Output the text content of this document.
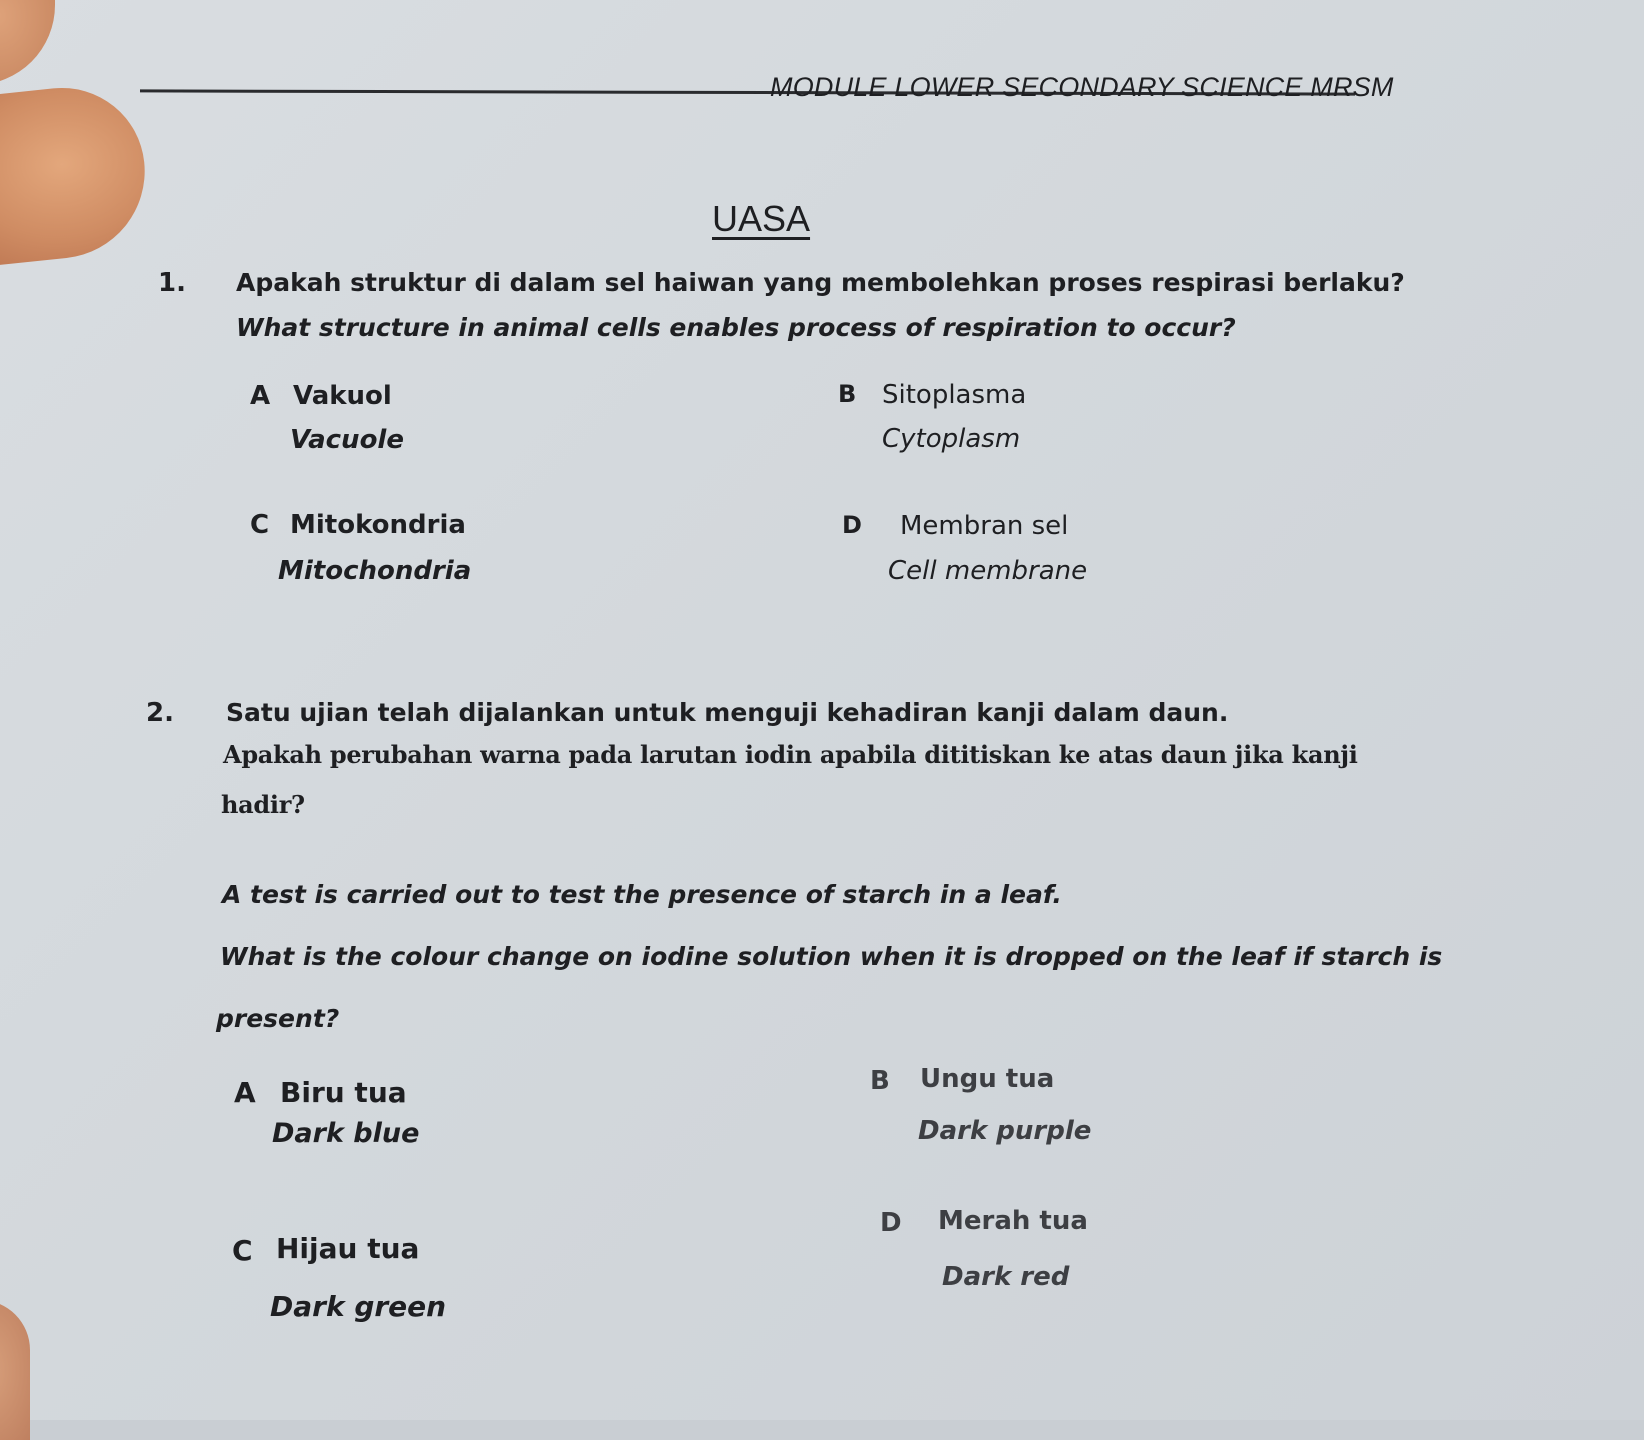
MODULE LOWER SECONDARY SCIENCE MRSM
UASA
1. Apakah struktur di dalam sel haiwan yang membolehkan proses respirasi berlaku?
What structure in animal cells enables process of respiration to occur?
A Vakuol
Vacuole
B Sitoplasma
Cytoplasm
C Mitokondria
Mitochondria
D Membran sel
Cell membrane
2. Satu ujian telah dijalankan untuk menguji kehadiran kanji dalam daun.
Apakah perubahan warna pada larutan iodin apabila dititiskan ke atas daun jika kanji
hadir?
A test is carried out to test the presence of starch in a leaf.
What is the colour change on iodine solution when it is dropped on the leaf if starch is
present?
A Biru tua
Dark blue
B Ungu tua
Dark purple
C Hijau tua
Dark green
D Merah tua
Dark red
